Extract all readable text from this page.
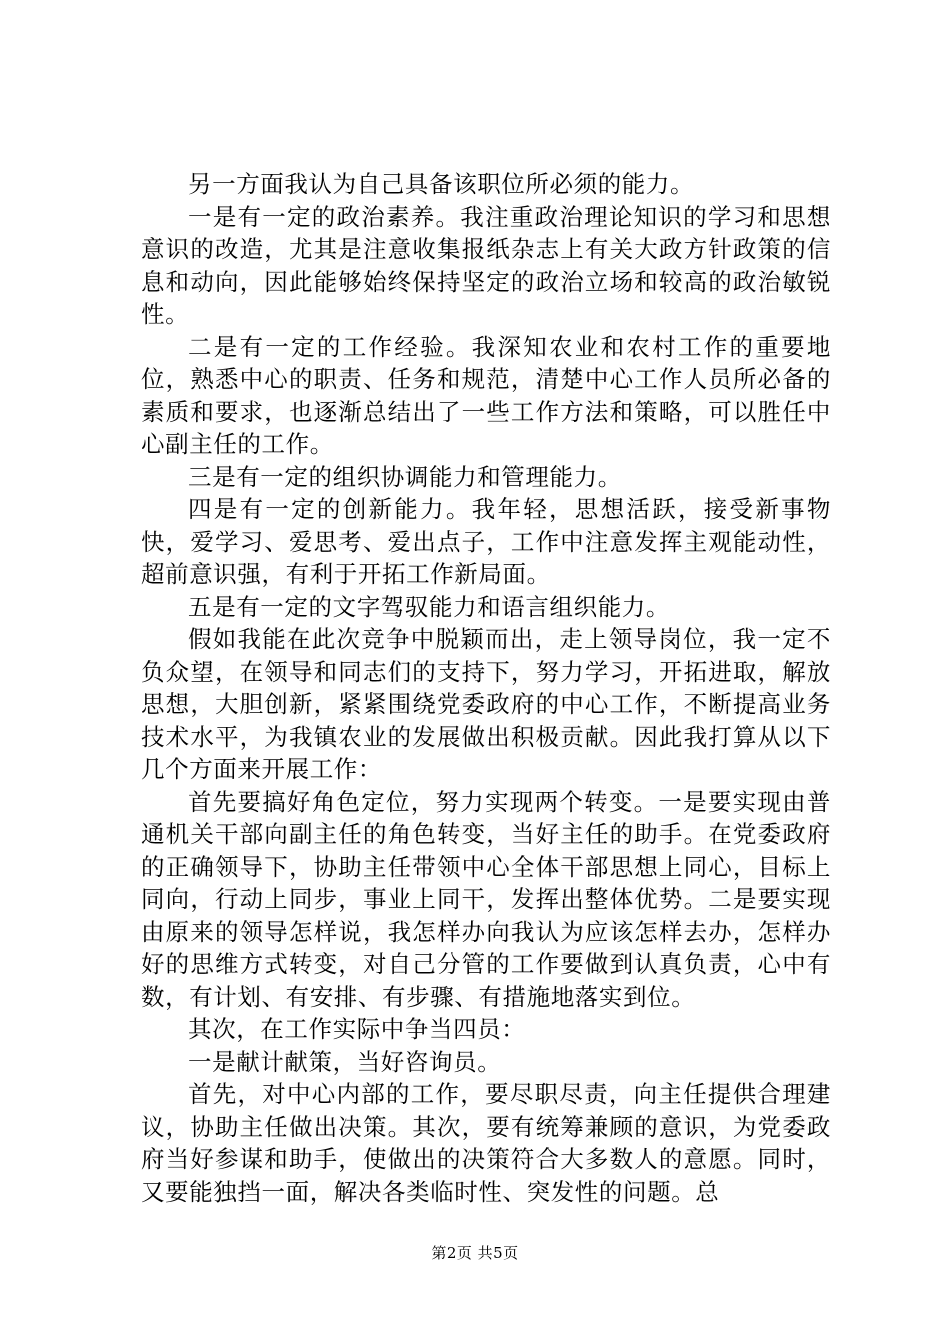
另一方面我认为自己具备该职位所必须的能力。

一是有一定的政治素养。我注重政治理论知识的学习和思想意识的改造，尤其是注意收集报纸杂志上有关大政方针政策的信息和动向，因此能够始终保持坚定的政治立场和较高的政治敏锐性。

二是有一定的工作经验。我深知农业和农村工作的重要地位，熟悉中心的职责、任务和规范，清楚中心工作人员所必备的素质和要求，也逐渐总结出了一些工作方法和策略，可以胜任中心副主任的工作。

三是有一定的组织协调能力和管理能力。

四是有一定的创新能力。我年轻，思想活跃，接受新事物快，爱学习、爱思考、爱出点子，工作中注意发挥主观能动性，超前意识强，有利于开拓工作新局面。

五是有一定的文字驾驭能力和语言组织能力。

假如我能在此次竞争中脱颖而出，走上领导岗位，我一定不负众望，在领导和同志们的支持下，努力学习，开拓进取，解放思想，大胆创新，紧紧围绕党委政府的中心工作，不断提高业务技术水平，为我镇农业的发展做出积极贡献。因此我打算从以下几个方面来开展工作：

首先要搞好角色定位，努力实现两个转变。一是要实现由普通机关干部向副主任的角色转变，当好主任的助手。在党委政府的正确领导下，协助主任带领中心全体干部思想上同心，目标上同向，行动上同步，事业上同干，发挥出整体优势。二是要实现由原来的领导怎样说，我怎样办向我认为应该怎样去办，怎样办好的思维方式转变，对自己分管的工作要做到认真负责，心中有数，有计划、有安排、有步骤、有措施地落实到位。

其次，在工作实际中争当四员：

一是献计献策，当好咨询员。

首先，对中心内部的工作，要尽职尽责，向主任提供合理建议，协助主任做出决策。其次，要有统筹兼顾的意识，为党委政府当好参谋和助手，使做出的决策符合大多数人的意愿。同时，又要能独挡一面，解决各类临时性、突发性的问题。总

第2页 共5页
